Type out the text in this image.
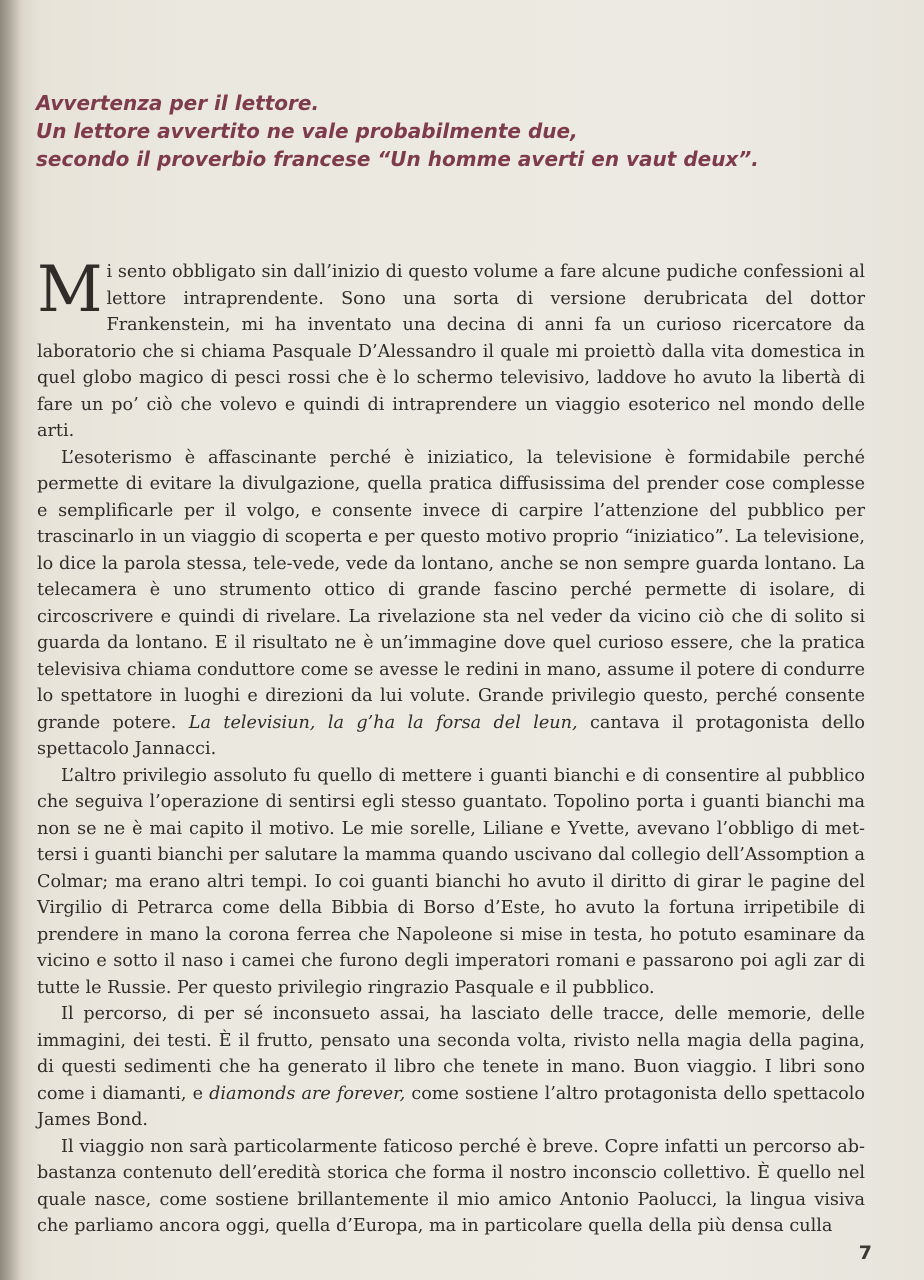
Avvertenza per il lettore.
Un lettore avvertito ne vale probabilmente due,
secondo il proverbio francese “Un homme averti en vaut deux”.

Mi sento obbligato sin dall’inizio di questo volume a fare alcune pudiche confessioni al lettore intraprendente. Sono una sorta di versione derubricata del dottor Frankenstein, mi ha inventato una decina di anni fa un curioso ricercatore da laboratorio che si chiama Pasquale D’Alessandro il quale mi proiettò dalla vita domestica in quel globo magico di pesci rossi che è lo schermo televisivo, laddove ho avuto la libertà di fare un po’ ciò che volevo e quindi di intraprendere un viaggio esoterico nel mondo delle arti.

L’esoterismo è affascinante perché è iniziatico, la televisione è formidabile perché permette di evitare la divulgazione, quella pratica diffusissima del prender cose complesse e semplificarle per il volgo, e consente invece di carpire l’attenzione del pubblico per trascinarlo in un viaggio di scoperta e per questo motivo proprio “iniziatico”. La televisione, lo dice la parola stessa, tele-vede, vede da lontano, anche se non sempre guarda lontano. La telecamera è uno strumento ottico di grande fascino perché permette di isolare, di circoscrivere e quindi di rivelare. La rivelazione sta nel veder da vicino ciò che di solito si guarda da lontano. E il risultato ne è un’immagine dove quel curioso essere, che la pratica televisiva chiama conduttore come se avesse le redini in mano, assume il potere di condurre lo spettatore in luoghi e direzioni da lui volute. Grande privilegio questo, perché consente grande potere. La televisiun, la g’ha la forsa del leun, cantava il protagonista dello spettacolo Jannacci.

L’altro privilegio assoluto fu quello di mettere i guanti bianchi e di consentire al pubblico che seguiva l’operazione di sentirsi egli stesso guantato. Topolino porta i guanti bianchi ma non se ne è mai capito il motivo. Le mie sorelle, Liliane e Yvette, avevano l’obbligo di mettersi i guanti bianchi per salutare la mamma quando uscivano dal collegio dell’Assomption a Colmar; ma erano altri tempi. Io coi guanti bianchi ho avuto il diritto di girar le pagine del Virgilio di Petrarca come della Bibbia di Borso d’Este, ho avuto la fortuna irripetibile di prendere in mano la corona ferrea che Napoleone si mise in testa, ho potuto esaminare da vicino e sotto il naso i camei che furono degli imperatori romani e passarono poi agli zar di tutte le Russie. Per questo privilegio ringrazio Pasquale e il pubblico.

Il percorso, di per sé inconsueto assai, ha lasciato delle tracce, delle memorie, delle immagini, dei testi. È il frutto, pensato una seconda volta, rivisto nella magia della pagina, di questi sedimenti che ha generato il libro che tenete in mano. Buon viaggio. I libri sono come i diamanti, e diamonds are forever, come sostiene l’altro protagonista dello spettacolo James Bond.

Il viaggio non sarà particolarmente faticoso perché è breve. Copre infatti un percorso abbastanza contenuto dell’eredità storica che forma il nostro inconscio collettivo. È quello nel quale nasce, come sostiene brillantemente il mio amico Antonio Paolucci, la lingua visiva che parliamo ancora oggi, quella d’Europa, ma in particolare quella della più densa culla

7
